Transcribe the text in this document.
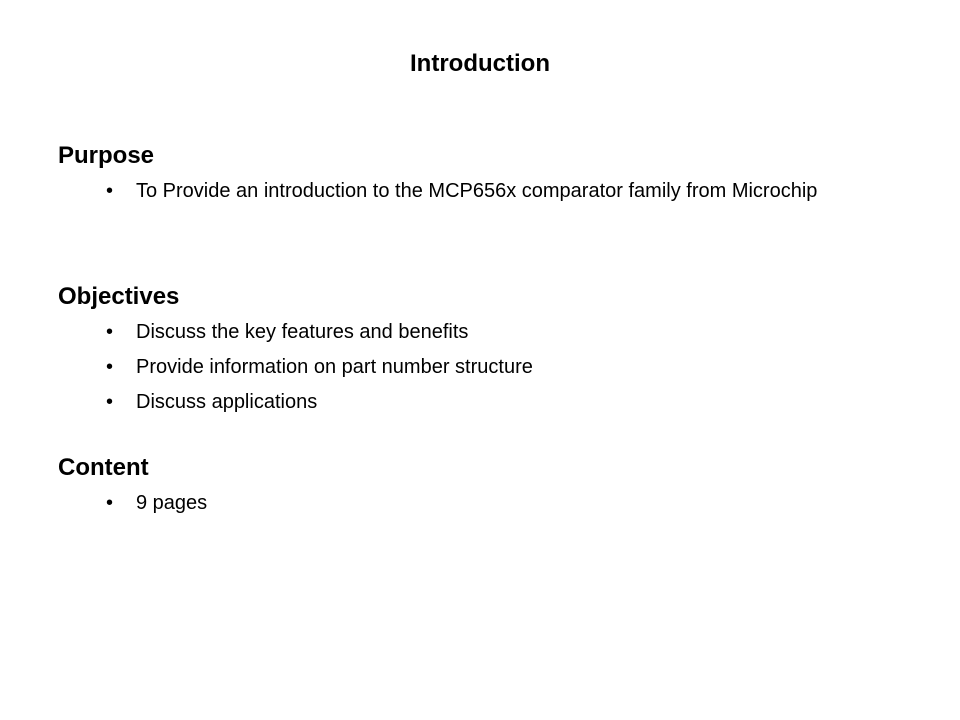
Introduction
Purpose
• To Provide an introduction to the MCP656x comparator family from Microchip
Objectives
• Discuss the key features and benefits
• Provide information on part number structure
• Discuss applications
Content
• 9 pages
